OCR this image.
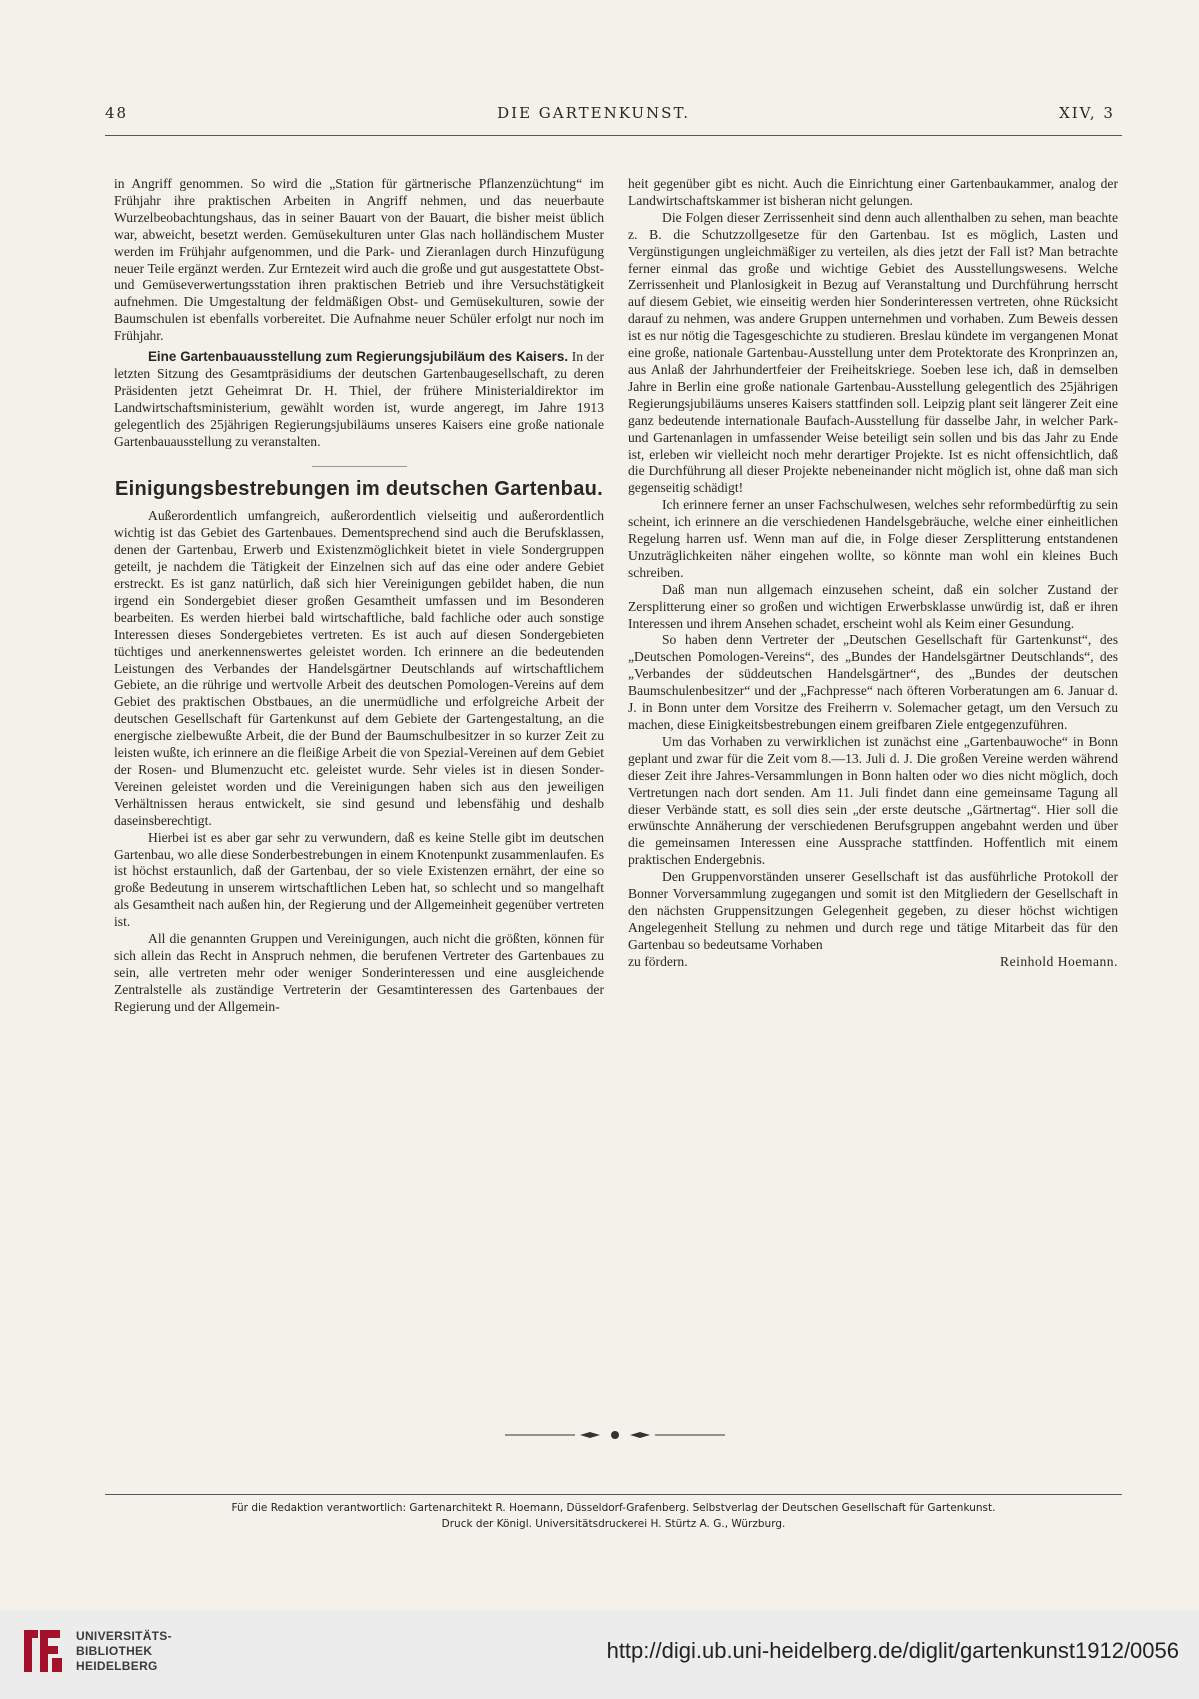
48	DIE GARTENKUNST.	XIV, 3

in Angriff genommen. So wird die „Station für gärtnerische Pflanzenzüchtung“ im Frühjahr ihre praktischen Arbeiten in Angriff nehmen, und das neuerbaute Wurzelbeobachtungshaus, das in seiner Bauart von der Bauart, die bisher meist üblich war, abweicht, besetzt werden. Gemüsekulturen unter Glas nach holländischem Muster werden im Frühjahr aufgenommen, und die Park- und Zieranlagen durch Hinzufügung neuer Teile ergänzt werden. Zur Erntezeit wird auch die große und gut ausgestattete Obst- und Gemüseverwertungsstation ihren praktischen Betrieb und ihre Versuchstätigkeit aufnehmen. Die Umgestaltung der feldmäßigen Obst- und Gemüsekulturen, sowie der Baumschulen ist ebenfalls vorbereitet. Die Aufnahme neuer Schüler erfolgt nur noch im Frühjahr.

Eine Gartenbauausstellung zum Regierungsjubiläum des Kaisers. In der letzten Sitzung des Gesamtpräsidiums der deutschen Gartenbaugesellschaft, zu deren Präsidenten jetzt Geheimrat Dr. H. Thiel, der frühere Ministerialdirektor im Landwirtschaftsministerium, gewählt worden ist, wurde angeregt, im Jahre 1913 gelegentlich des 25jährigen Regierungsjubiläums unseres Kaisers eine große nationale Gartenbauausstellung zu veranstalten.

Einigungsbestrebungen im deutschen Gartenbau.

Außerordentlich umfangreich, außerordentlich vielseitig und außerordentlich wichtig ist das Gebiet des Gartenbaues. Dementsprechend sind auch die Berufsklassen, denen der Gartenbau, Erwerb und Existenzmöglichkeit bietet in viele Sondergruppen geteilt, je nachdem die Tätigkeit der Einzelnen sich auf das eine oder andere Gebiet erstreckt. Es ist ganz natürlich, daß sich hier Vereinigungen gebildet haben, die nun irgend ein Sondergebiet dieser großen Gesamtheit umfassen und im Besonderen bearbeiten. Es werden hierbei bald wirtschaftliche, bald fachliche oder auch sonstige Interessen dieses Sondergebietes vertreten. Es ist auch auf diesen Sondergebieten tüchtiges und anerkennenswertes geleistet worden. Ich erinnere an die bedeutenden Leistungen des Verbandes der Handelsgärtner Deutschlands auf wirtschaftlichem Gebiete, an die rührige und wertvolle Arbeit des deutschen Pomologen-Vereins auf dem Gebiet des praktischen Obstbaues, an die unermüdliche und erfolgreiche Arbeit der deutschen Gesellschaft für Gartenkunst auf dem Gebiete der Gartengestaltung, an die energische zielbewußte Arbeit, die der Bund der Baumschulbesitzer in so kurzer Zeit zu leisten wußte, ich erinnere an die fleißige Arbeit die von Spezial-Vereinen auf dem Gebiet der Rosen- und Blumenzucht etc. geleistet wurde. Sehr vieles ist in diesen Sonder-Vereinen geleistet worden und die Vereinigungen haben sich aus den jeweiligen Verhältnissen heraus entwickelt, sie sind gesund und lebensfähig und deshalb daseinsberechtigt.

Hierbei ist es aber gar sehr zu verwundern, daß es keine Stelle gibt im deutschen Gartenbau, wo alle diese Sonderbestrebungen in einem Knotenpunkt zusammenlaufen. Es ist höchst erstaunlich, daß der Gartenbau, der so viele Existenzen ernährt, der eine so große Bedeutung in unserem wirtschaftlichen Leben hat, so schlecht und so mangelhaft als Gesamtheit nach außen hin, der Regierung und der Allgemeinheit gegenüber vertreten ist.

All die genannten Gruppen und Vereinigungen, auch nicht die größten, können für sich allein das Recht in Anspruch nehmen, die berufenen Vertreter des Gartenbaues zu sein, alle vertreten mehr oder weniger Sonderinteressen und eine ausgleichende Zentralstelle als zuständige Vertreterin der Gesamtinteressen des Gartenbaues der Regierung und der Allgemein-

heit gegenüber gibt es nicht. Auch die Einrichtung einer Gartenbaukammer, analog der Landwirtschaftskammer ist bisheran nicht gelungen.

Die Folgen dieser Zerrissenheit sind denn auch allenthalben zu sehen, man beachte z. B. die Schutzzollgesetze für den Gartenbau. Ist es möglich, Lasten und Vergünstigungen ungleichmäßiger zu verteilen, als dies jetzt der Fall ist? Man betrachte ferner einmal das große und wichtige Gebiet des Ausstellungswesens. Welche Zerrissenheit und Planlosigkeit in Bezug auf Veranstaltung und Durchführung herrscht auf diesem Gebiet, wie einseitig werden hier Sonderinteressen vertreten, ohne Rücksicht darauf zu nehmen, was andere Gruppen unternehmen und vorhaben. Zum Beweis dessen ist es nur nötig die Tagesgeschichte zu studieren. Breslau kündete im vergangenen Monat eine große, nationale Gartenbau-Ausstellung unter dem Protektorate des Kronprinzen an, aus Anlaß der Jahrhundertfeier der Freiheitskriege. Soeben lese ich, daß in demselben Jahre in Berlin eine große nationale Gartenbau-Ausstellung gelegentlich des 25jährigen Regierungsjubiläums unseres Kaisers stattfinden soll. Leipzig plant seit längerer Zeit eine ganz bedeutende internationale Baufach-Ausstellung für dasselbe Jahr, in welcher Park- und Gartenanlagen in umfassender Weise beteiligt sein sollen und bis das Jahr zu Ende ist, erleben wir vielleicht noch mehr derartiger Projekte. Ist es nicht offensichtlich, daß die Durchführung all dieser Projekte nebeneinander nicht möglich ist, ohne daß man sich gegenseitig schädigt!

Ich erinnere ferner an unser Fachschulwesen, welches sehr reformbedürftig zu sein scheint, ich erinnere an die verschiedenen Handelsgebräuche, welche einer einheitlichen Regelung harren usf. Wenn man auf die, in Folge dieser Zersplitterung entstandenen Unzuträglichkeiten näher eingehen wollte, so könnte man wohl ein kleines Buch schreiben.

Daß man nun allgemach einzusehen scheint, daß ein solcher Zustand der Zersplitterung einer so großen und wichtigen Erwerbsklasse unwürdig ist, daß er ihren Interessen und ihrem Ansehen schadet, erscheint wohl als Keim einer Gesundung.

So haben denn Vertreter der „Deutschen Gesellschaft für Gartenkunst“, des „Deutschen Pomologen-Vereins“, des „Bundes der Handelsgärtner Deutschlands“, des „Verbandes der süddeutschen Handelsgärtner“, des „Bundes der deutschen Baumschulenbesitzer“ und der „Fachpresse“ nach öfteren Vorberatungen am 6. Januar d. J. in Bonn unter dem Vorsitze des Freiherrn v. Solemacher getagt, um den Versuch zu machen, diese Einigkeitsbestrebungen einem greifbaren Ziele entgegenzuführen.

Um das Vorhaben zu verwirklichen ist zunächst eine „Gartenbauwoche“ in Bonn geplant und zwar für die Zeit vom 8.—13. Juli d. J. Die großen Vereine werden während dieser Zeit ihre Jahres-Versammlungen in Bonn halten oder wo dies nicht möglich, doch Vertretungen nach dort senden. Am 11. Juli findet dann eine gemeinsame Tagung all dieser Verbände statt, es soll dies sein „der erste deutsche „Gärtnertag“. Hier soll die erwünschte Annäherung der verschiedenen Berufsgruppen angebahnt werden und über die gemeinsamen Interessen eine Aussprache stattfinden. Hoffentlich mit einem praktischen Endergebnis.

Den Gruppenvorständen unserer Gesellschaft ist das ausführliche Protokoll der Bonner Vorversammlung zugegangen und somit ist den Mitgliedern der Gesellschaft in den nächsten Gruppensitzungen Gelegenheit gegeben, zu dieser höchst wichtigen Angelegenheit Stellung zu nehmen und durch rege und tätige Mitarbeit das für den Gartenbau so bedeutsame Vorhaben

zu fördern.	Reinhold Hoemann.
Für die Redaktion verantwortlich: Gartenarchitekt R. Hoemann, Düsseldorf-Grafenberg. Selbstverlag der Deutschen Gesellschaft für Gartenkunst.
Druck der Königl. Universitätsdruckerei H. Stürtz A. G., Würzburg.
UNIVERSITÄTS-
BIBLIOTHEK
HEIDELBERG
http://digi.ub.uni-heidelberg.de/diglit/gartenkunst1912/0056
